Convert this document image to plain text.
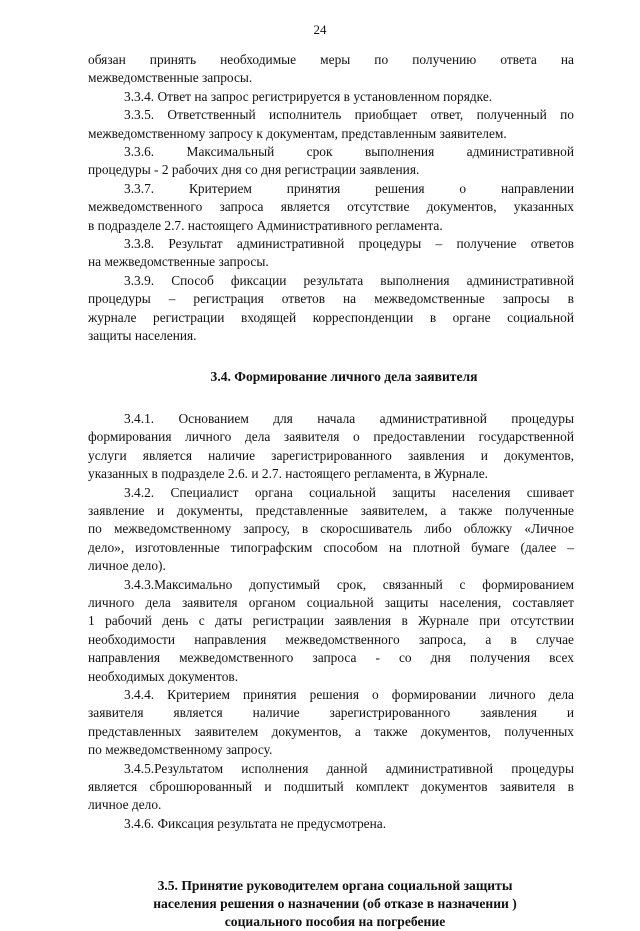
24
обязан принять необходимые меры по получению ответа на
межведомственные запросы.
3.3.4. Ответ на запрос регистрируется в установленном порядке.
3.3.5. Ответственный исполнитель приобщает ответ, полученный по
межведомственному запросу к документам, представленным заявителем.
3.3.6. Максимальный срок выполнения административной
процедуры - 2 рабочих дня со дня регистрации заявления.
3.3.7. Критерием принятия решения о направлении
межведомственного запроса является отсутствие документов, указанных
в подразделе 2.7. настоящего Административного регламента.
3.3.8. Результат административной процедуры – получение ответов
на межведомственные запросы.
3.3.9. Способ фиксации результата выполнения административной
процедуры – регистрация ответов на межведомственные запросы в
журнале регистрации входящей корреспонденции в органе социальной
защиты населения.
3.4. Формирование личного дела заявителя
3.4.1. Основанием для начала административной процедуры
формирования личного дела заявителя о предоставлении государственной
услуги является наличие зарегистрированного заявления и документов,
указанных в подразделе 2.6. и 2.7. настоящего регламента, в Журнале.
3.4.2. Специалист органа социальной защиты населения сшивает
заявление и документы, представленные заявителем, а также полученные
по межведомственному запросу, в скоросшиватель либо обложку «Личное
дело», изготовленные типографским способом на плотной бумаге (далее –
личное дело).
3.4.3.Максимально допустимый срок, связанный с формированием
личного дела заявителя органом социальной защиты населения, составляет
1 рабочий день с даты регистрации заявления в Журнале при отсутствии
необходимости направления межведомственного запроса, а в случае
направления межведомственного запроса - со дня получения всех
необходимых документов.
3.4.4. Критерием принятия решения о формировании личного дела
заявителя является наличие зарегистрированного заявления и
представленных заявителем документов, а также документов, полученных
по межведомственному запросу.
3.4.5.Результатом исполнения данной административной процедуры
является сброшюрованный и подшитый комплект документов заявителя в
личное дело.
3.4.6. Фиксация результата не предусмотрена.
3.5. Принятие руководителем органа социальной защиты
населения решения о назначении (об отказе в назначении )
социального пособия на погребение
